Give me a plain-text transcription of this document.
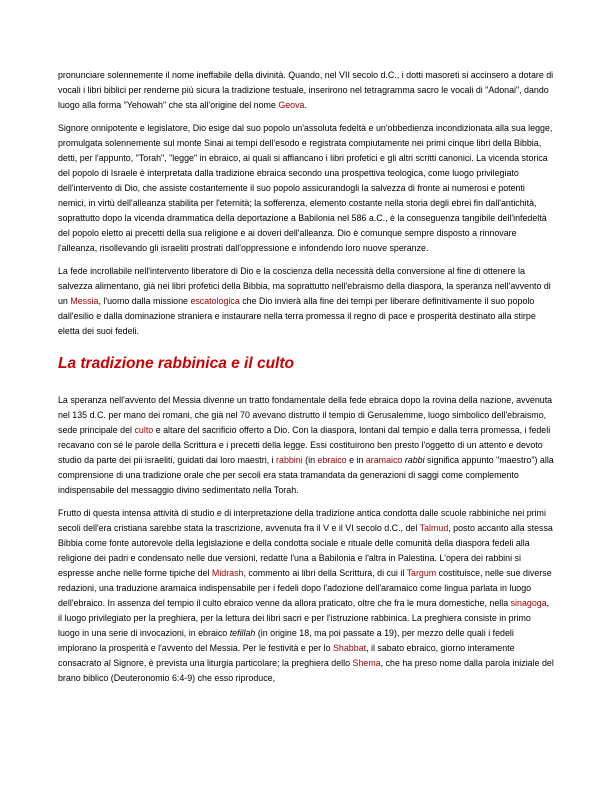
pronunciare solennemente il nome ineffabile della divinità. Quando, nel VII secolo d.C., i dotti masoreti si accinsero a dotare di vocali i libri biblici per renderne più sicura la tradizione testuale, inserirono nel tetragramma sacro le vocali di "Adonai", dando luogo alla forma "Yehowah" che sta all'origine del nome Geova.

Signore onnipotente e legislatore, Dio esige dal suo popolo un'assoluta fedeltà e un'obbedienza incondizionata alla sua legge, promulgata solennemente sul monte Sinai ai tempi dell'esodo e registrata compiutamente nei primi cinque libri della Bibbia, detti, per l'appunto, "Torah", "legge" in ebraico, ai quali si affiancano i libri profetici e gli altri scritti canonici. La vicenda storica del popolo di Israele è interpretata dalla tradizione ebraica secondo una prospettiva teologica, come luogo privilegiato dell'intervento di Dio, che assiste costantemente il suo popolo assicurandogli la salvezza di fronte ai numerosi e potenti nemici, in virtù dell'alleanza stabilita per l'eternità; la sofferenza, elemento costante nella storia degli ebrei fin dall'antichità, soprattutto dopo la vicenda drammatica della deportazione a Babilonia nel 586 a.C., è la conseguenza tangibile dell'infedeltà del popolo eletto ai precetti della sua religione e ai doveri dell'alleanza. Dio è comunque sempre disposto a rinnovare l'alleanza, risollevando gli israeliti prostrati dall'oppressione e infondendo loro nuove speranze.

La fede incrollabile nell'intervento liberatore di Dio e la coscienza della necessità della conversione al fine di ottenere la salvezza alimentano, già nei libri profetici della Bibbia, ma soprattutto nell'ebraismo della diaspora, la speranza nell'avvento di un Messia, l'uomo dalla missione escatologica che Dio invierà alla fine dei tempi per liberare definitivamente il suo popolo dall'esilio e dalla dominazione straniera e instaurare nella terra promessa il regno di pace e prosperità destinato alla stirpe eletta dei suoi fedeli.

La tradizione rabbinica e il culto

La speranza nell'avvento del Messia divenne un tratto fondamentale della fede ebraica dopo la rovina della nazione, avvenuta nel 135 d.C. per mano dei romani, che già nel 70 avevano distrutto il tempio di Gerusalemme, luogo simbolico dell'ebraismo, sede principale del culto e altare del sacrificio offerto a Dio. Con la diaspora, lontani dal tempio e dalla terra promessa, i fedeli recavano con sé le parole della Scrittura e i precetti della legge. Essi costituirono ben presto l'oggetto di un attento e devoto studio da parte dei pii israeliti, guidati dai loro maestri, i rabbini (in ebraico e in aramaico rabbi significa appunto "maestro") alla comprensione di una tradizione orale che per secoli era stata tramandata da generazioni di saggi come complemento indispensabile del messaggio divino sedimentato nella Torah.

Frutto di questa intensa attività di studio e di interpretazione della tradizione antica condotta dalle scuole rabbiniche nei primi secoli dell'era cristiana sarebbe stata la trascrizione, avvenuta fra il V e il VI secolo d.C., del Talmud, posto accanto alla stessa Bibbia come fonte autorevole della legislazione e della condotta sociale e rituale delle comunità della diaspora fedeli alla religione dei padri e condensato nelle due versioni, redatte l'una a Babilonia e l'altra in Palestina. L'opera dei rabbini si espresse anche nelle forme tipiche del Midrash, commento ai libri della Scrittura, di cui il Targum costituisce, nelle sue diverse redazioni, una traduzione aramaica indispensabile per i fedeli dopo l'adozione dell'aramaico come lingua parlata in luogo dell'ebraico. In assenza del tempio il culto ebraico venne da allora praticato, oltre che fra le mura domestiche, nella sinagoga, il luogo privilegiato per la preghiera, per la lettura dei libri sacri e per l'istruzione rabbinica. La preghiera consiste in primo luogo in una serie di invocazioni, in ebraico tefillah (in origine 18, ma poi passate a 19), per mezzo delle quali i fedeli implorano la prosperità e l'avvento del Messia. Per le festività e per lo Shabbat, il sabato ebraico, giorno interamente consacrato al Signore, è prevista una liturgia particolare; la preghiera dello Shema, che ha preso nome dalla parola iniziale del brano biblico (Deuteronomio 6:4-9) che esso riproduce,
